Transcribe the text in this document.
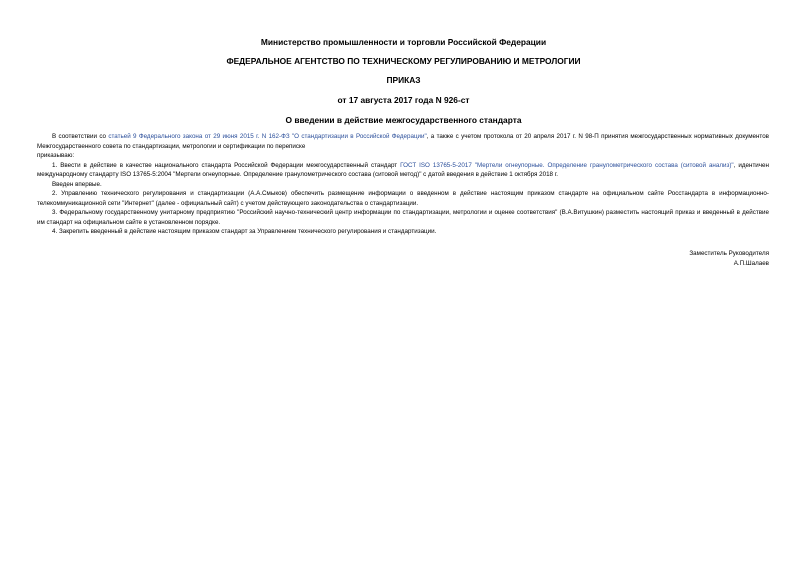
Министерство промышленности и торговли Российской Федерации
ФЕДЕРАЛЬНОЕ АГЕНТСТВО ПО ТЕХНИЧЕСКОМУ РЕГУЛИРОВАНИЮ И МЕТРОЛОГИИ
ПРИКАЗ
от 17 августа 2017 года N 926-ст
О введении в действие межгосударственного стандарта

В соответствии со статьей 9 Федерального закона от 29 июня 2015 г. N 162-ФЗ "О стандартизации в Российской Федерации", а также с учетом протокола от 20 апреля 2017 г. N 98-П принятия межгосударственных нормативных документов Межгосударственного совета по стандартизации, метрологии и сертификации по переписке

приказываю:

1. Ввести в действие в качестве национального стандарта Российской Федерации межгосударственный стандарт ГОСТ ISO 13765-5-2017 "Мертели огнеупорные. Определение гранулометрического состава (ситовой анализ)", идентичен международному стандарту ISO 13765-5:2004 "Мертели огнеупорные. Определение гранулометрического состава (ситовой метод)" с датой введения в действие 1 октября 2018 г.

Введен впервые.

2. Управлению технического регулирования и стандартизации (А.А.Смыков) обеспечить размещение информации о введенном в действие настоящим приказом стандарте на официальном сайте Росстандарта в информационно-телекоммуникационной сети "Интернет" (далее - официальный сайт) с учетом действующего законодательства о стандартизации.

3. Федеральному государственному унитарному предприятию "Российский научно-технический центр информации по стандартизации, метрологии и оценке соответствия" (В.А.Витушкин) разместить настоящий приказ и введенный в действие им стандарт на официальном сайте в установленном порядке.

4. Закрепить введенный в действие настоящим приказом стандарт за Управлением технического регулирования и стандартизации.

Заместитель Руководителя
А.П.Шалаев
